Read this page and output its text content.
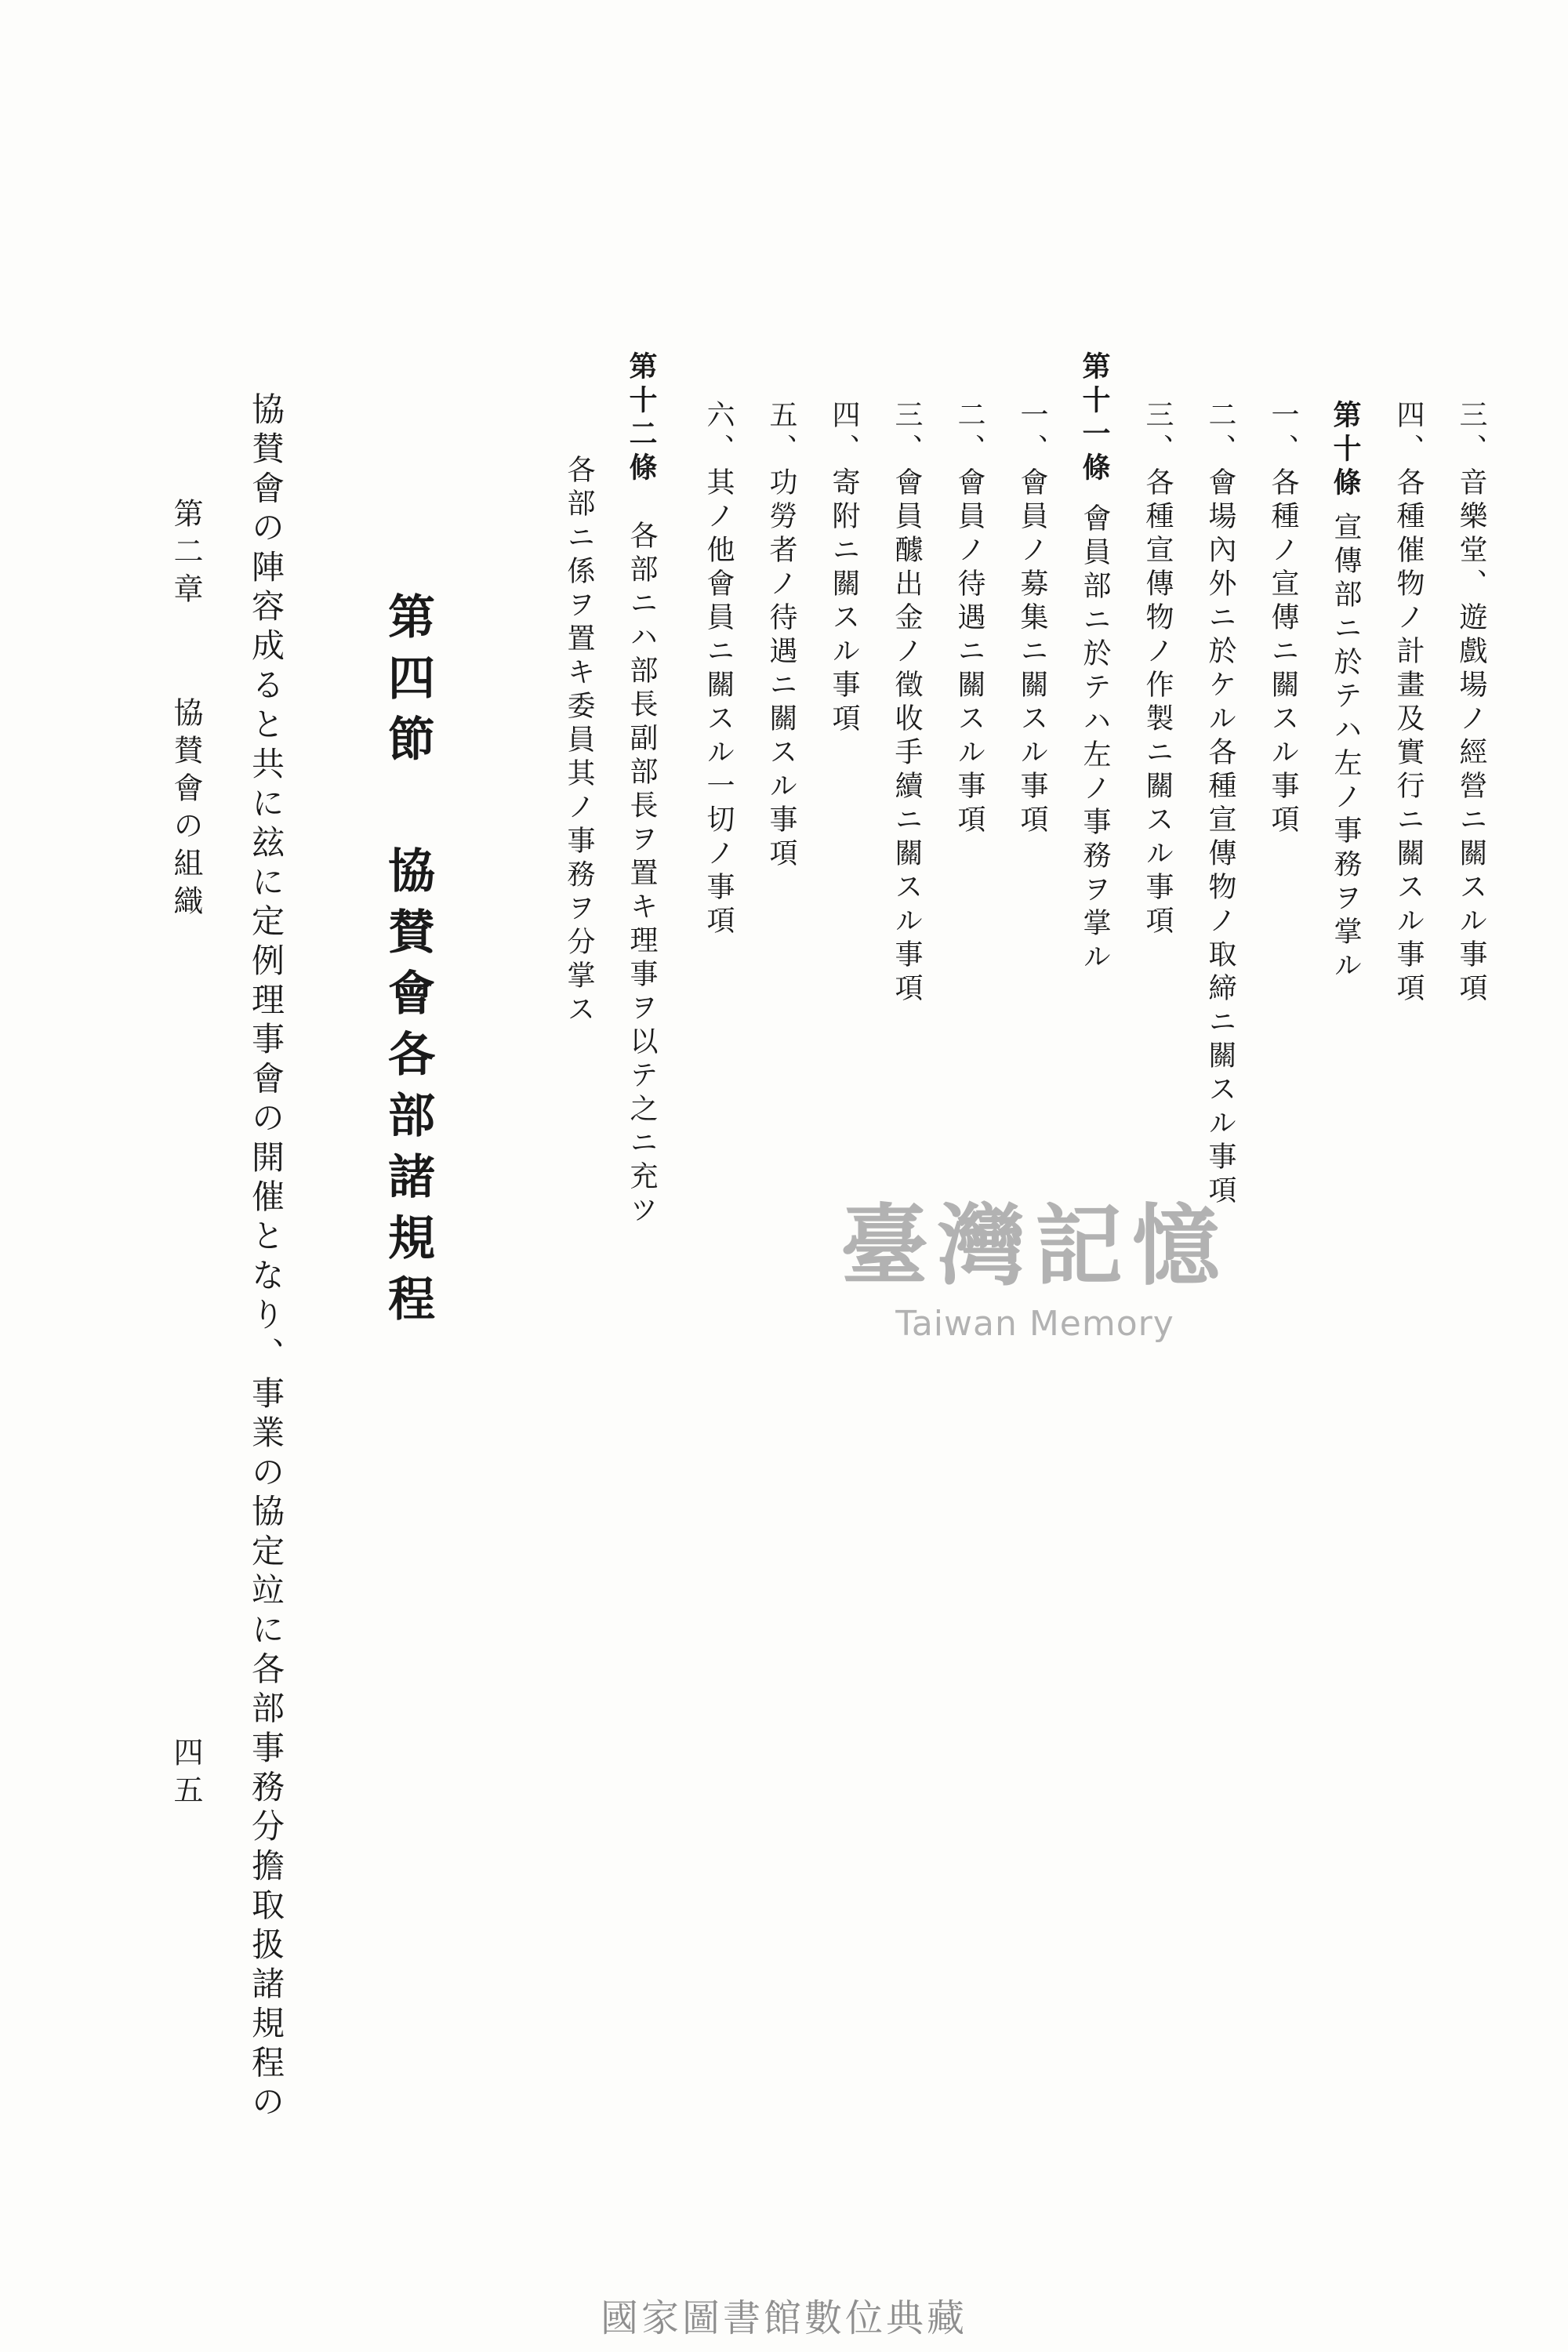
三、音樂堂、遊戲場ノ經營ニ關スル事項
四、各種催物ノ計畫及實行ニ關スル事項
第十條宣傳部ニ於テハ左ノ事務ヲ掌ル
一、各種ノ宣傳ニ關スル事項
二、會場內外ニ於ケル各種宣傳物ノ取締ニ關スル事項
三、各種宣傳物ノ作製ニ關スル事項
第十一條會員部ニ於テハ左ノ事務ヲ掌ル
一、會員ノ募集ニ關スル事項
二、會員ノ待遇ニ關スル事項
三、會員醵出金ノ徵收手續ニ關スル事項
四、寄附ニ關スル事項
五、功勞者ノ待遇ニ關スル事項
六、其ノ他會員ニ關スル一切ノ事項
第十二條各部ニハ部長副部長ヲ置キ理事ヲ以テ之ニ充ツ
各部ニ係ヲ置キ委員其ノ事務ヲ分掌ス
第四節協賛會各部諸規程
協賛會の陣容成ると共に玆に定例理事會の開催となり、事業の協定竝に各部事務分擔取扱諸規程の
第二章協賛會の組織
四五
臺灣記憶
Taiwan Memory
國家圖書館數位典藏
